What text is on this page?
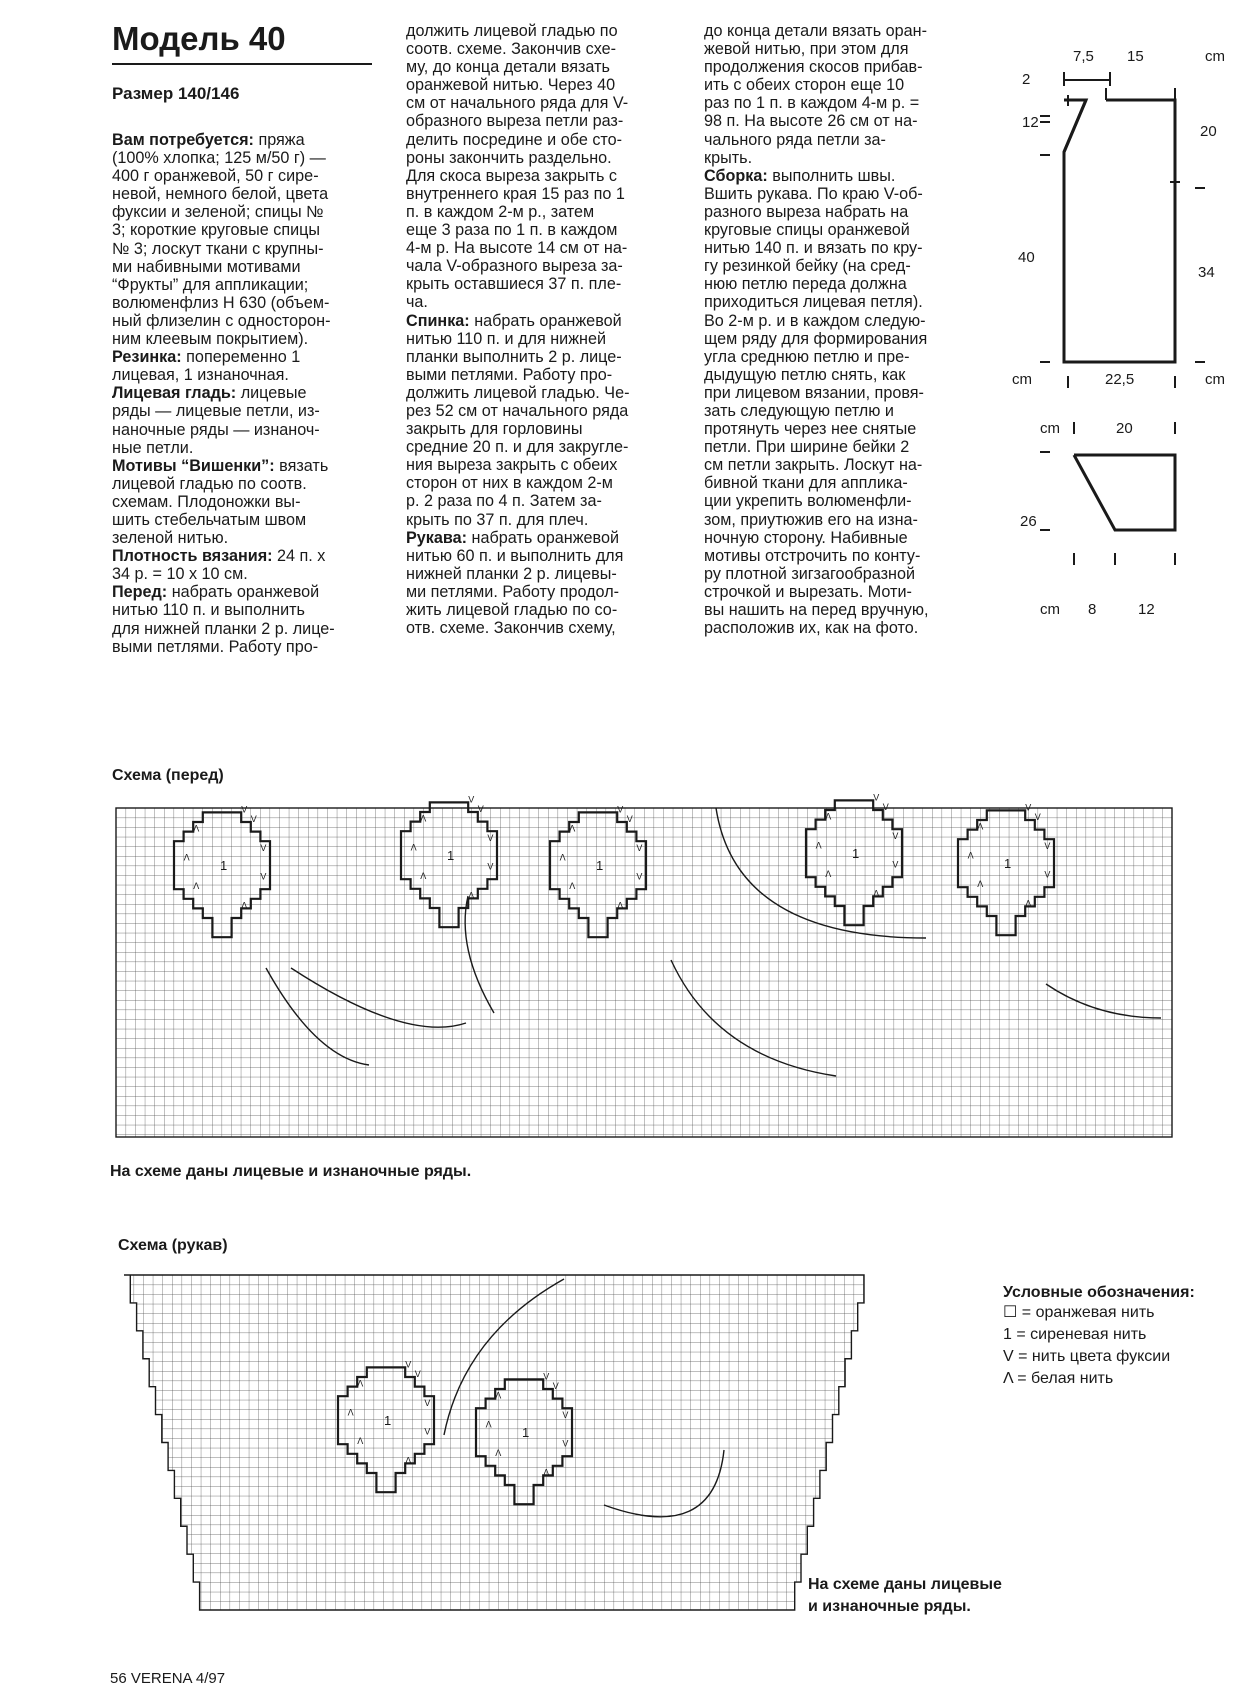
Модель 40
Размер 140/146
Вам потребуется: пряжа
(100% хлопка; 125 м/50 г) —
400 г оранжевой, 50 г сире-
невой, немного белой, цвета
фуксии и зеленой; спицы №
3; короткие круговые спицы
№ 3; лоскут ткани с крупны-
ми набивными мотивами
“Фрукты” для аппликации;
волюменфлиз Н 630 (объем-
ный флизелин с односторон-
ним клеевым покрытием).
Резинка: попеременно 1
лицевая, 1 изнаночная.
Лицевая гладь: лицевые
ряды — лицевые петли, из-
наночные ряды — изнаноч-
ные петли.
Мотивы “Вишенки”: вязать
лицевой гладью по соотв.
схемам. Плодоножки вы-
шить стебельчатым швом
зеленой нитью.
Плотность вязания: 24 п. х
34 р. = 10 х 10 см.
Перед: набрать оранжевой
нитью 110 п. и выполнить
для нижней планки 2 р. лице-
выми петлями. Работу про-
должить лицевой гладью по
соотв. схеме. Закончив схе-
му, до конца детали вязать
оранжевой нитью. Через 40
см от начального ряда для V-
образного выреза петли раз-
делить посредине и обе сто-
роны закончить раздельно.
Для скоса выреза закрыть с
внутреннего края 15 раз по 1
п. в каждом 2-м р., затем
еще 3 раза по 1 п. в каждом
4-м р. На высоте 14 см от на-
чала V-образного выреза за-
крыть оставшиеся 37 п. пле-
ча.
Спинка: набрать оранжевой
нитью 110 п. и для нижней
планки выполнить 2 р. лице-
выми петлями. Работу про-
должить лицевой гладью. Че-
рез 52 см от начального ряда
закрыть для горловины
средние 20 п. и для закругле-
ния выреза закрыть с обеих
сторон от них в каждом 2-м
р. 2 раза по 4 п. Затем за-
крыть по 37 п. для плеч.
Рукава: набрать оранжевой
нитью 60 п. и выполнить для
нижней планки 2 р. лицевы-
ми петлями. Работу продол-
жить лицевой гладью по со-
отв. схеме. Закончив схему,
до конца детали вязать оран-
жевой нитью, при этом для
продолжения скосов прибав-
ить с обеих сторон еще 10
раз по 1 п. в каждом 4-м р. =
98 п. На высоте 26 см от на-
чального ряда петли за-
крыть.
Сборка: выполнить швы.
Вшить рукава. По краю V-об-
разного выреза набрать на
круговые спицы оранжевой
нитью 140 п. и вязать по кру-
гу резинкой бейку (на сред-
нюю петлю переда должна
приходиться лицевая петля).
Во 2-м р. и в каждом следую-
щем ряду для формирования
угла среднюю петлю и пре-
дыдущую петлю снять, как
при лицевом вязании, провя-
зать следующую петлю и
протянуть через нее снятые
петли. При ширине бейки 2
см петли закрыть. Лоскут на-
бивной ткани для апплика-
ции укрепить волюменфли-
зом, приутюжив его на изна-
ночную сторону. Набивные
мотивы отстрочить по конту-
ру плотной зигзагообразной
строчкой и вырезать. Моти-
вы нашить на перед вручную,
расположив их, как на фото.
7,5 15	cm
2
12
20
40
34
cm	22,5	cm
cm	20
26
cm 8	12
Схема (перед)
1
Λ
Λ
Λ
Λ
V
V
V
V
1
Λ
Λ
Λ
Λ
V
V
V
V
1
Λ
Λ
Λ
Λ
V
V
V
V
1
Λ
Λ
Λ
Λ
V
V
V
V
1
Λ
Λ
Λ
Λ
V
V
V
V
На схеме даны лицевые и изнаночные ряды.
Схема (рукав)
1
Λ
Λ
Λ
Λ
V
V
V
V
1
Λ
Λ
Λ
Λ
V
V
V
V
На схеме даны лицевые
и изнаночные ряды.
Условные обозначения:
☐ = оранжевая нить
1 = сиреневая нить
V = нить цвета фуксии
Λ = белая нить
56 VERENA 4/97
